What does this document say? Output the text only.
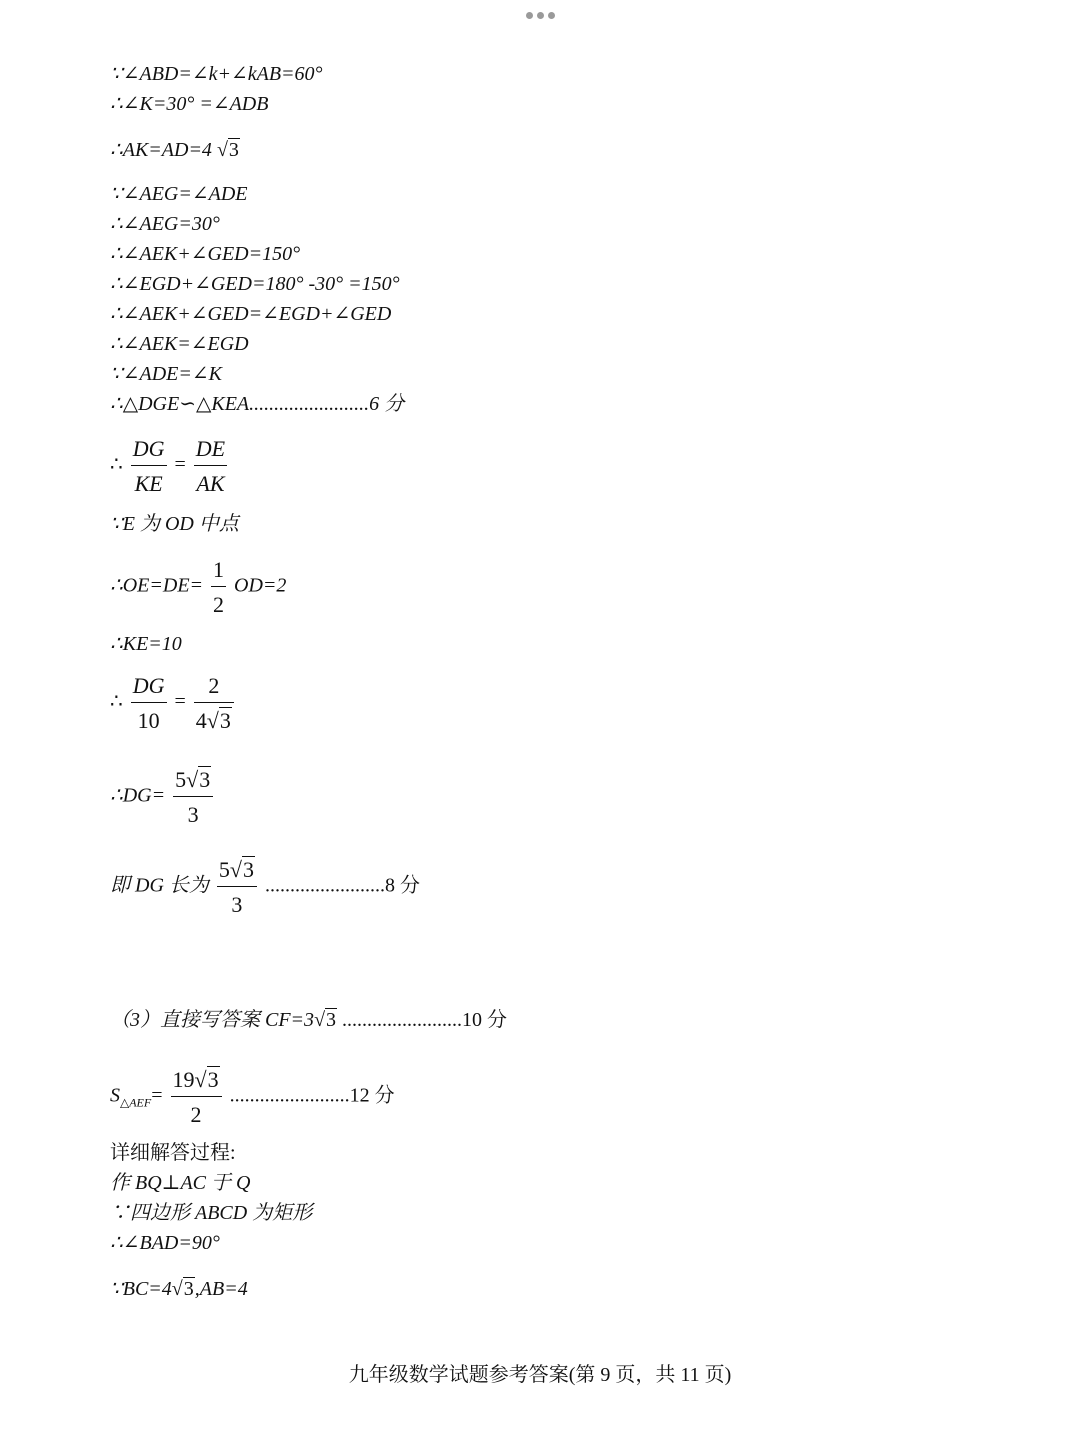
∵∠ABD=∠k+∠kAB=60°
∴∠K=30° =∠ADB
∴AK=AD=4 √3
∵∠AEG=∠ADE
∴∠AEG=30°
∴∠AEK+∠GED=150°
∴∠EGD+∠GED=180° -30° =150°
∴∠AEK+∠GED=∠EGD+∠GED
∴∠AEK=∠EGD
∵∠ADE=∠K
∴△DGE∽△KEA........................6 分
∴ $\frac{DG}{KE} = \frac{DE}{AK}$
∵E 为 OD 中点
∴OE=DE= $\frac{1}{2} OD=2$
∴KE=10
∴ $\frac{DG}{10} = \frac{2}{4√3}$
∴DG= $\frac{5√3}{3}$
即 DG 长为 $\frac{5√3}{3} ........................8$ 分
（3）直接写答案 CF=3√3 ........................10 分
$S_{\triangle AEF}= \frac{19√3}{2} ........................12$ 分
详细解答过程:
作 BQ⊥AC 于 Q
∵四边形 ABCD 为矩形
∴∠BAD=90°
∵BC=4√3,AB=4
九年级数学试题参考答案(第 9 页，共 11 页)
